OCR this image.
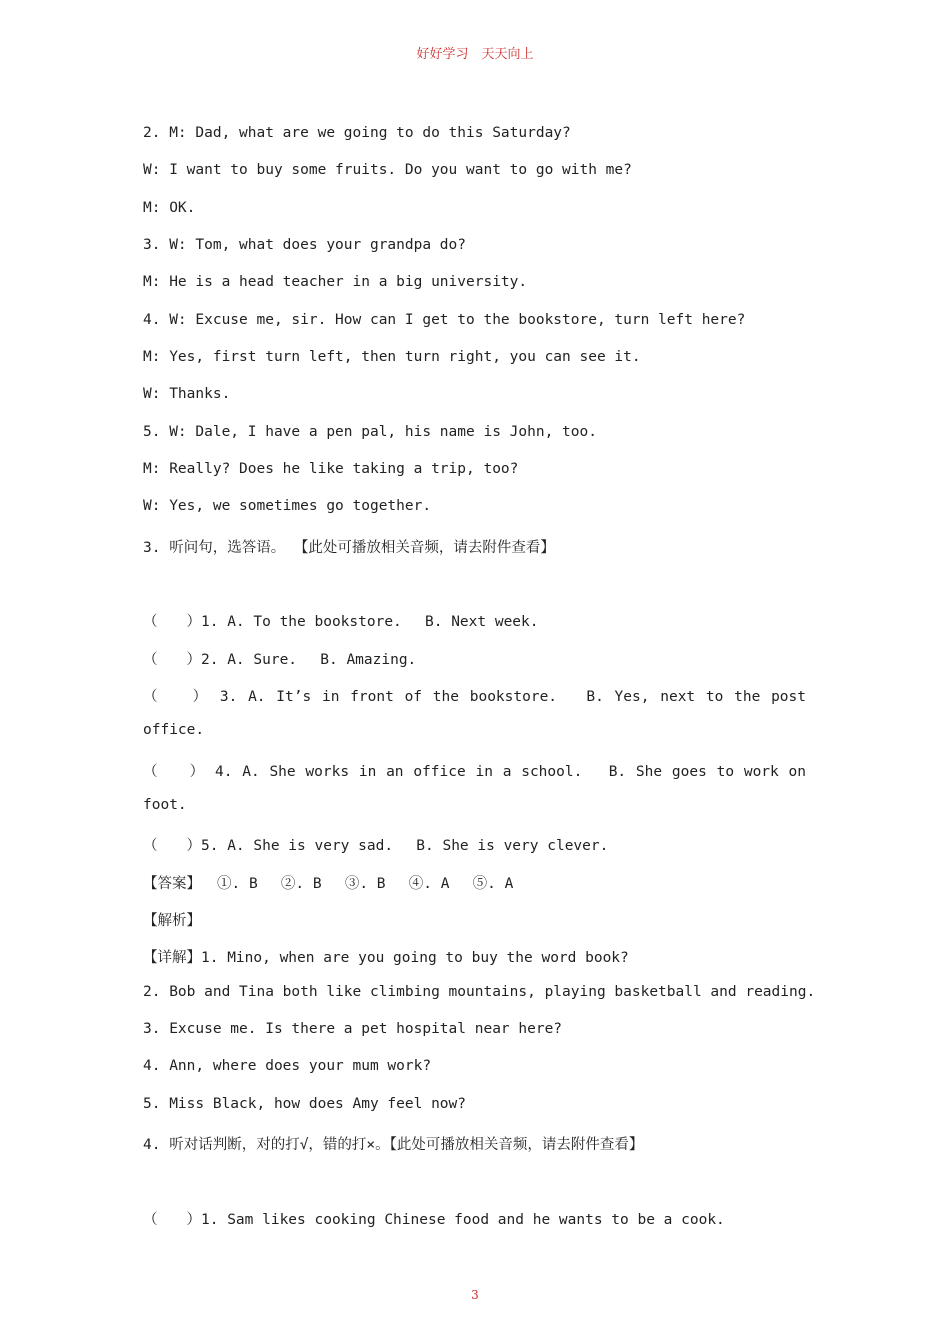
好好学习　天天向上

2. M: Dad, what are we going to do this Saturday?

W: I want to buy some fruits. Do you want to go with me?

M: OK.

3. W: Tom, what does your grandpa do?

M: He is a head teacher in a big university.

4. W: Excuse me, sir. How can I get to the bookstore, turn left here?

M: Yes, first turn left, then turn right, you can see it.

W: Thanks.

5. W: Dale, I have a pen pal, his name is John, too.

M: Really? Does he like taking a trip, too?

W: Yes, we sometimes go together.

3. 听问句，选答语。 【此处可播放相关音频，请去附件查看】

（　　）1. A. To the bookstore.　 B. Next week.

（　　）2. A. Sure.　 B. Amazing.

（　　） 3. A. It’s in front of the bookstore.　 B. Yes, next to the post

office.

（　　） 4. A. She works in an office in a school.　 B. She goes to work on

foot.

（　　）5. A. She is very sad.　 B. She is very clever.

【答案】　 ①. B　 ②. B　 ③. B　 ④. A　 ⑤. A

【解析】

【详解】1. Mino, when are you going to buy the word book?

2. Bob and Tina both like climbing mountains, playing basketball and reading.

3. Excuse me. Is there a pet hospital near here?

4. Ann, where does your mum work?

5. Miss Black, how does Amy feel now?

4. 听对话判断，对的打√，错的打×。【此处可播放相关音频，请去附件查看】

（　　）1. Sam likes cooking Chinese food and he wants to be a cook.

3
